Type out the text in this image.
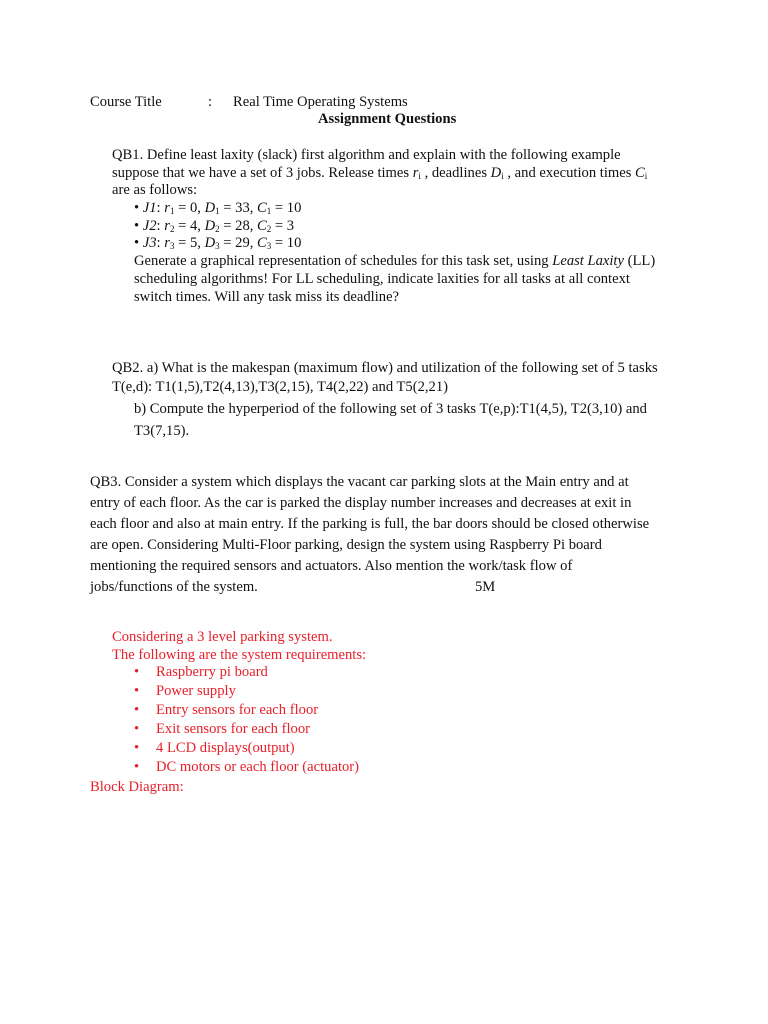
Course Title	: Real Time Operating Systems
Assignment Questions
QB1. Define least laxity (slack) first algorithm and explain with the following example
suppose that we have a set of 3 jobs. Release times $r_i$ , deadlines $D_i$ , and execution times $C_i$
are as follows:
• J1: $r_1 = 0$, $D_1 = 33$, $C_1 = 10$
• J2: $r_2 = 4$, $D_2 = 28$, $C_2 = 3$
• J3: $r_3 = 5$, $D_3 = 29$, $C_3 = 10$
Generate a graphical representation of schedules for this task set, using Least Laxity (LL)
scheduling algorithms! For LL scheduling, indicate laxities for all tasks at all context
switch times. Will any task miss its deadline?
QB2. a) What is the makespan (maximum flow) and utilization of the following set of 5 tasks
T(e,d): T1(1,5),T2(4,13),T3(2,15), T4(2,22) and T5(2,21)
b) Compute the hyperperiod of the following set of 3 tasks T(e,p):T1(4,5), T2(3,10) and
T3(7,15).
QB3. Consider a system which displays the vacant car parking slots at the Main entry and at
entry of each floor. As the car is parked the display number increases and decreases at exit in
each floor and also at main entry. If the parking is full, the bar doors should be closed otherwise
are open. Considering Multi-Floor parking, design the system using Raspberry Pi board
mentioning the required sensors and actuators. Also mention the work/task flow of
jobs/functions of the system.	5M
Considering a 3 level parking system.
The following are the system requirements:
• Raspberry pi board
• Power supply
• Entry sensors for each floor
• Exit sensors for each floor
• 4 LCD displays(output)
• DC motors or each floor (actuator)
Block Diagram:
